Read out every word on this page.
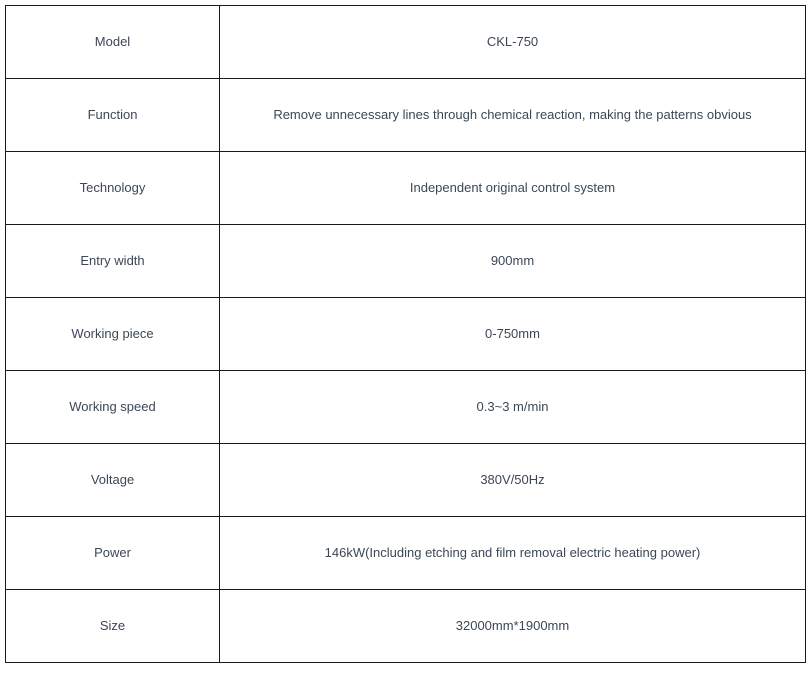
Model	CKL-750
Function	Remove unnecessary lines through chemical reaction, making the patterns obvious
Technology	Independent original control system
Entry width	900mm
Working piece	0-750mm
Working speed	0.3~3 m/min
Voltage	380V/50Hz
Power	146kW(Including etching and film removal electric heating power)
Size	32000mm*1900mm
